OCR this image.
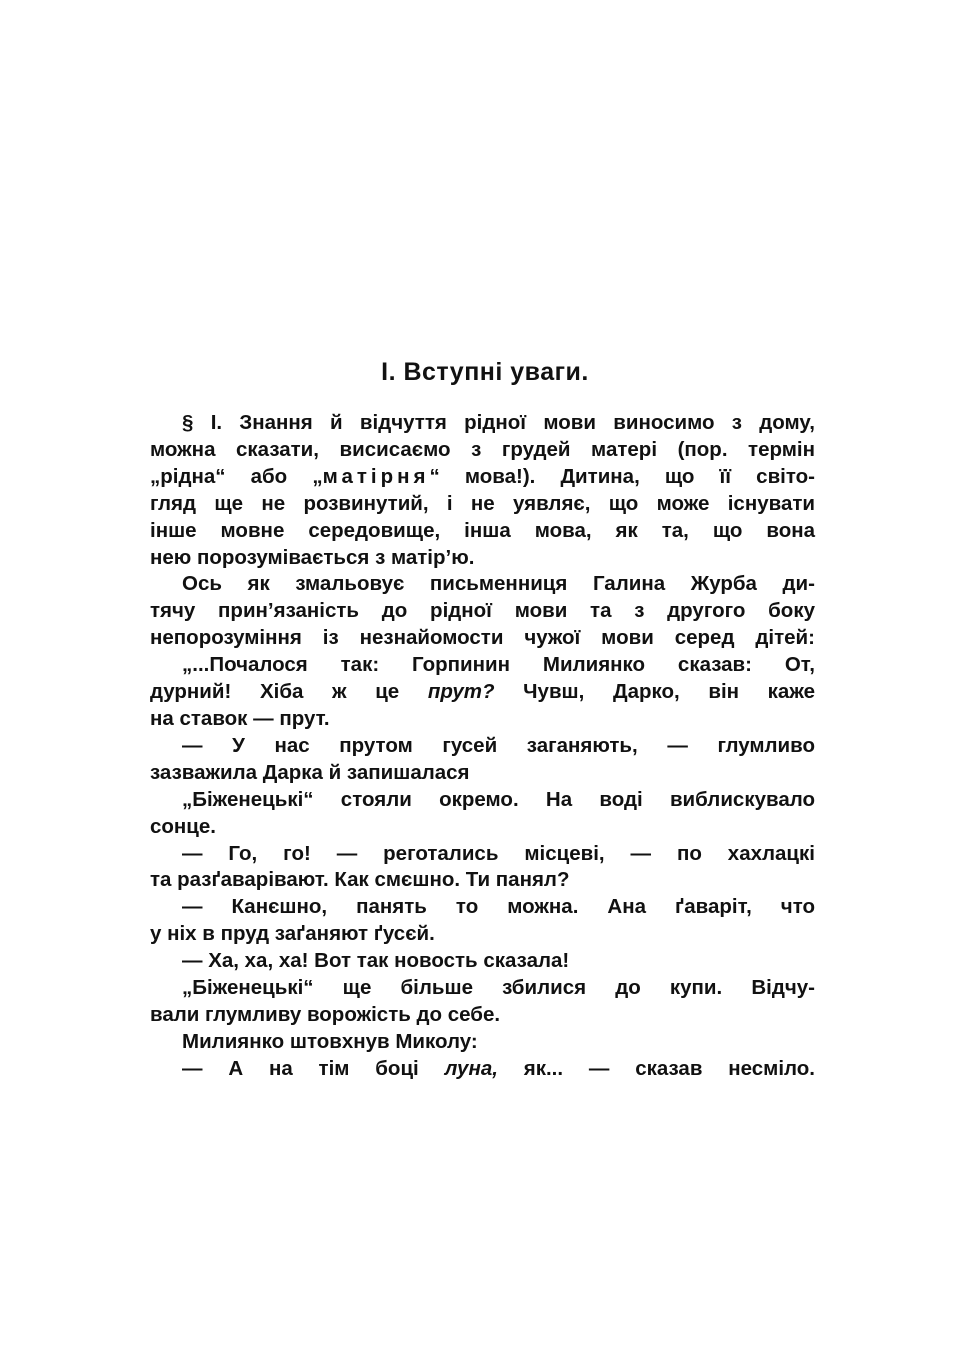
І. Вступні уваги.
§ І. Знання й відчуття рідної мови виносимо з дому,
можна сказати, висисаємо з грудей матері (пор. термін
„рідна“ або „матірня“ мова!). Дитина, що її світо-
гляд ще не розвинутий, і не уявляє, що може існувати
інше мовне середовище, інша мова, як та, що вона
нею порозумівається з матір’ю.
Ось як змальовує письменниця Галина Журба ди-
тячу прин’язаність до рідної мови та з другого боку
непорозуміння із незнайомости чужої мови серед дітей:
„...Почалося так: Горпинин Милиянко сказав: От,
дурний! Хіба ж це прут? Чувш, Дарко, він каже
на ставок — прут.
— У нас прутом гусей заганяють, — глумливо
зазважила Дарка й запишалася
„Біженецькі“ стояли окремо. На воді виблискувало
сонце.
— Го, го! — реготались місцеві, — по хахлацкі
та разґаварівают. Как смєшно. Ти панял?
— Канєшно, панять то можна. Ана ґаваріт, что
у ніх в пруд заґаняют ґусєй.
— Ха, ха, ха! Вот так новость сказала!
„Біженецькі“ ще більше збилися до купи. Відчу-
вали глумливу ворожість до себе.
Милиянко штовхнув Миколу:
— А на тім боці луна, як... — сказав несміло.
